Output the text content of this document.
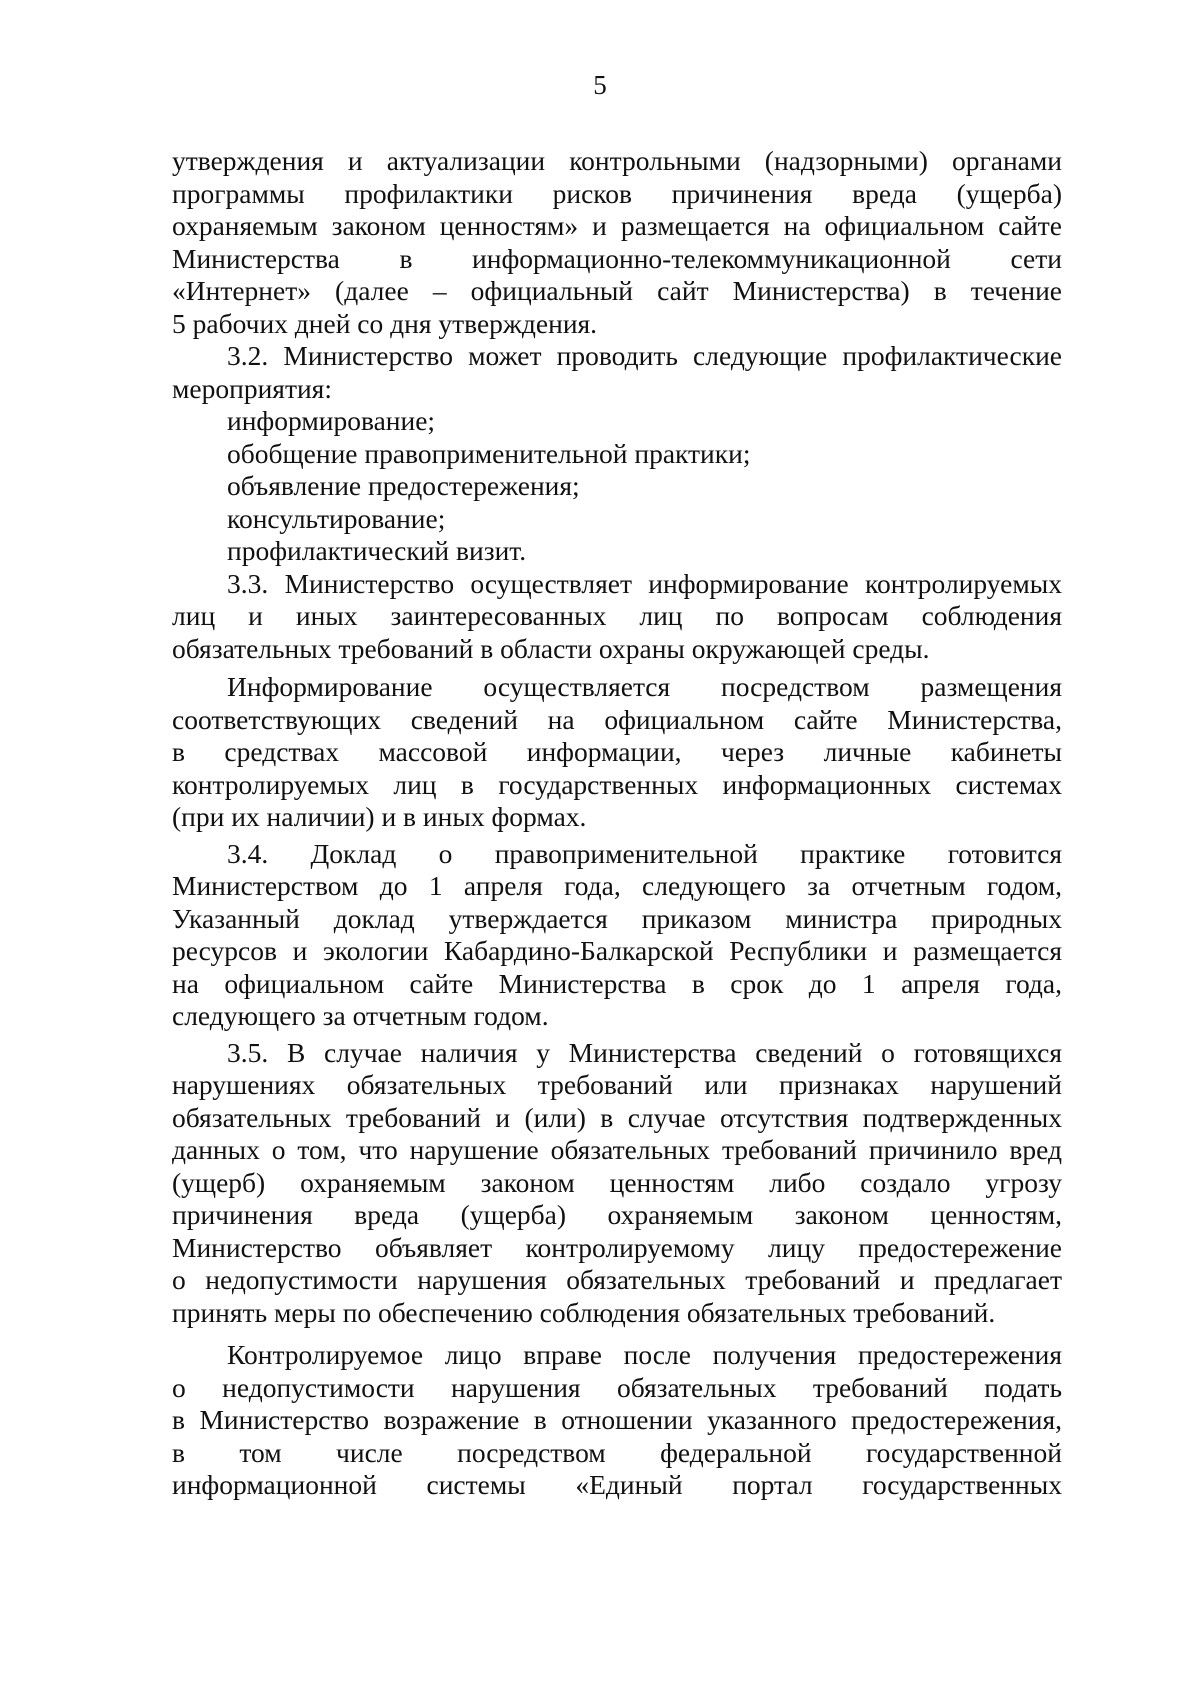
5
утверждения и актуализации контрольными (надзорными) органами
программы профилактики рисков причинения вреда (ущерба)
охраняемым законом ценностям» и размещается на официальном сайте
Министерства в информационно-телекоммуникационной сети
«Интернет» (далее – официальный сайт Министерства) в течение
5 рабочих дней со дня утверждения.
3.2. Министерство может проводить следующие профилактические
мероприятия:
информирование;
обобщение правоприменительной практики;
объявление предостережения;
консультирование;
профилактический визит.
3.3. Министерство осуществляет информирование контролируемых
лиц и иных заинтересованных лиц по вопросам соблюдения
обязательных требований в области охраны окружающей среды.
Информирование осуществляется посредством размещения
соответствующих сведений на официальном сайте Министерства,
в средствах массовой информации, через личные кабинеты
контролируемых лиц в государственных информационных системах
(при их наличии) и в иных формах.
3.4. Доклад о правоприменительной практике готовится
Министерством до 1 апреля года, следующего за отчетным годом,
Указанный доклад утверждается приказом министра природных
ресурсов и экологии Кабардино-Балкарской Республики и размещается
на официальном сайте Министерства в срок до 1 апреля года,
следующего за отчетным годом.
3.5. В случае наличия у Министерства сведений о готовящихся
нарушениях обязательных требований или признаках нарушений
обязательных требований и (или) в случае отсутствия подтвержденных
данных о том, что нарушение обязательных требований причинило вред
(ущерб) охраняемым законом ценностям либо создало угрозу
причинения вреда (ущерба) охраняемым законом ценностям,
Министерство объявляет контролируемому лицу предостережение
о недопустимости нарушения обязательных требований и предлагает
принять меры по обеспечению соблюдения обязательных требований.
Контролируемое лицо вправе после получения предостережения
о недопустимости нарушения обязательных требований подать
в Министерство возражение в отношении указанного предостережения,
в том числе посредством федеральной государственной
информационной системы «Единый портал государственных
